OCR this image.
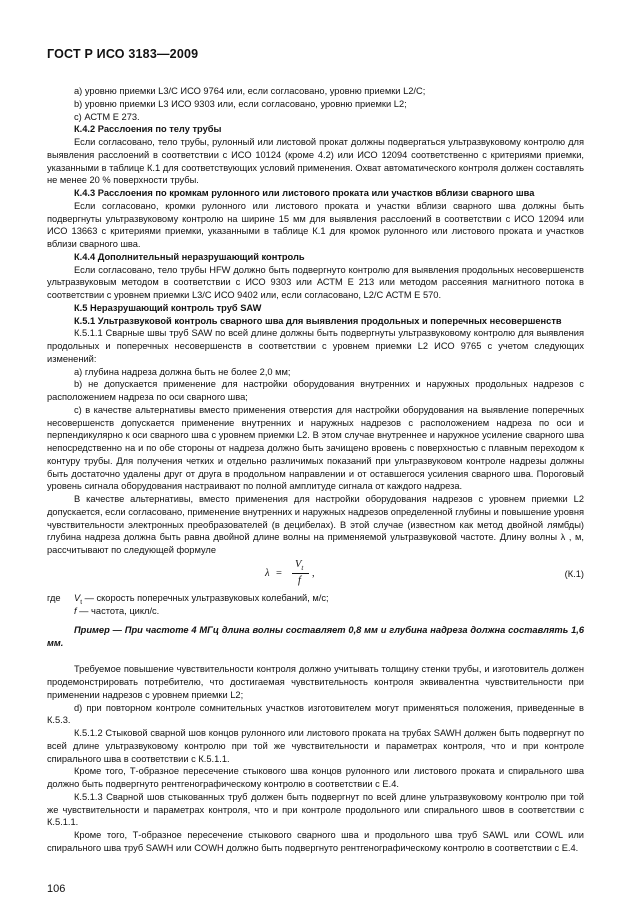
ГОСТ Р ИСО 3183—2009

а) уровню приемки L3/С ИСО 9764 или, если согласовано, уровню приемки L2/C;

b) уровню приемки L3 ИСО 9303 или, если согласовано, уровню приемки L2;

с) АСТМ Е 273.

К.4.2 Расслоения по телу трубы

Если согласовано, тело трубы, рулонный или листовой прокат должны подвергаться ультразвуковому контролю для выявления расслоений в соответствии с ИСО 10124 (кроме 4.2) или ИСО 12094 соответственно с критериями приемки, указанными в таблице К.1 для соответствующих условий применения. Охват автоматического контроля должен составлять не менее 20 % поверхности трубы.

К.4.3 Расслоения по кромкам рулонного или листового проката или участков вблизи сварного шва

Если согласовано, кромки рулонного или листового проката и участки вблизи сварного шва должны быть подвергнуты ультразвуковому контролю на ширине 15 мм для выявления расслоений в соответствии с ИСО 12094 или ИСО 13663 с критериями приемки, указанными в таблице К.1 для кромок рулонного или листового проката и участков вблизи сварного шва.

К.4.4 Дополнительный неразрушающий контроль

Если согласовано, тело трубы HFW должно быть подвергнуто контролю для выявления продольных несовершенств ультразвуковым методом в соответствии с ИСО 9303 или АСТМ Е 213 или методом рассеяния магнитного потока в соответствии с уровнем приемки L3/С ИСО 9402 или, если согласовано, L2/C АСТМ Е 570.

К.5 Неразрушающий контроль труб SAW

К.5.1 Ультразвуковой контроль сварного шва для выявления продольных и поперечных несовершенств

К.5.1.1 Сварные швы труб SAW по всей длине должны быть подвергнуты ультразвуковому контролю для выявления продольных и поперечных несовершенств в соответствии с уровнем приемки L2 ИСО 9765 с учетом следующих изменений:

а) глубина надреза должна быть не более 2,0 мм;

b) не допускается применение для настройки оборудования внутренних и наружных продольных надрезов с расположением надреза по оси сварного шва;

с) в качестве альтернативы вместо применения отверстия для настройки оборудования на выявление поперечных несовершенств допускается применение внутренних и наружных надрезов с расположением надреза по оси и перпендикулярно к оси сварного шва с уровнем приемки L2. В этом случае внутреннее и наружное усиление сварного шва непосредственно на и по обе стороны от надреза должно быть зачищено вровень с поверхностью с плавным переходом к контуру трубы. Для получения четких и отдельно различимых показаний при ультразвуковом контроле надрезы должны быть достаточно удалены друг от друга в продольном направлении и от оставшегося усиления сварного шва. Пороговый уровень сигнала оборудования настраивают по полной амплитуде сигнала от каждого надреза.

В качестве альтернативы, вместо применения для настройки оборудования надрезов с уровнем приемки L2 допускается, если согласовано, применение внутренних и наружных надрезов определенной глубины и повышение уровня чувствительности электронных преобразователей (в децибелах). В этой случае (известном как метод двойной лямбды) глубина надреза должна быть равна двойной длине волны на применяемой ультразвуковой частоте. Длину волны λ , м, рассчитывают по следующей формуле

λ =
$V_t$
f
,	(К.1)

где $V_t$ — скорость поперечных ультразвуковых колебаний, м/с;
f — частота, цикл/с.

Пример — При частоте 4 МГц длина волны составляет 0,8 мм и глубина надреза должна составлять 1,6 мм.

Требуемое повышение чувствительности контроля должно учитывать толщину стенки трубы, и изготовитель должен продемонстрировать потребителю, что достигаемая чувствительность контроля эквивалентна чувствительности при применении надрезов с уровнем приемки L2;

d) при повторном контроле сомнительных участков изготовителем могут применяться положения, приведенные в К.5.3.

К.5.1.2 Стыковой сварной шов концов рулонного или листового проката на трубах SAWH должен быть подвергнут по всей длине ультразвуковому контролю при той же чувствительности и параметрах контроля, что и при контроле спирального шва в соответствии с К.5.1.1.

Кроме того, Т-образное пересечение стыкового шва концов рулонного или листового проката и спирального шва должно быть подвергнуто рентгенографическому контролю в соответствии с Е.4.

К.5.1.3 Сварной шов стыкованных труб должен быть подвергнут по всей длине ультразвуковому контролю при той же чувствительности и параметрах контроля, что и при контроле продольного или спирального швов в соответствии с К.5.1.1.

Кроме того, Т-образное пересечение стыкового сварного шва и продольного шва труб SAWL или COWL или спирального шва труб SAWH или COWH должно быть подвергнуто рентгенографическому контролю в соответствии с Е.4.

106
